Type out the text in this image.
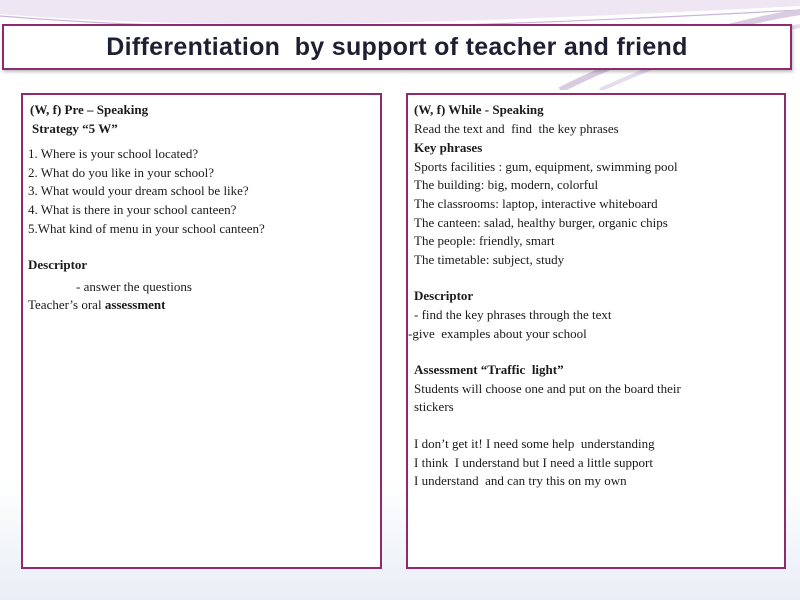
Differentiation  by support of teacher and friend
(W, f) Pre – Speaking
Strategy “5 W”
1. Where is your school located?
2. What do you like in your school?
3. What would your dream school be like?
4. What is there in your school canteen?
5.What kind of menu in your school canteen?
Descriptor
- answer the questions
Teacher’s oral assessment
(W, f) While - Speaking
Read the text and  find  the key phrases
Key phrases
Sports facilities : gum, equipment, swimming pool
The building: big, modern, colorful
The classrooms: laptop, interactive whiteboard
The canteen: salad, healthy burger, organic chips
The people: friendly, smart
The timetable: subject, study
Descriptor
- find the key phrases through the text
-give  examples about your school
Assessment “Traffic  light”
Students will choose one and put on the board their
stickers
I don’t get it! I need some help  understanding
I think  I understand but I need a little support
I understand  and can try this on my own
